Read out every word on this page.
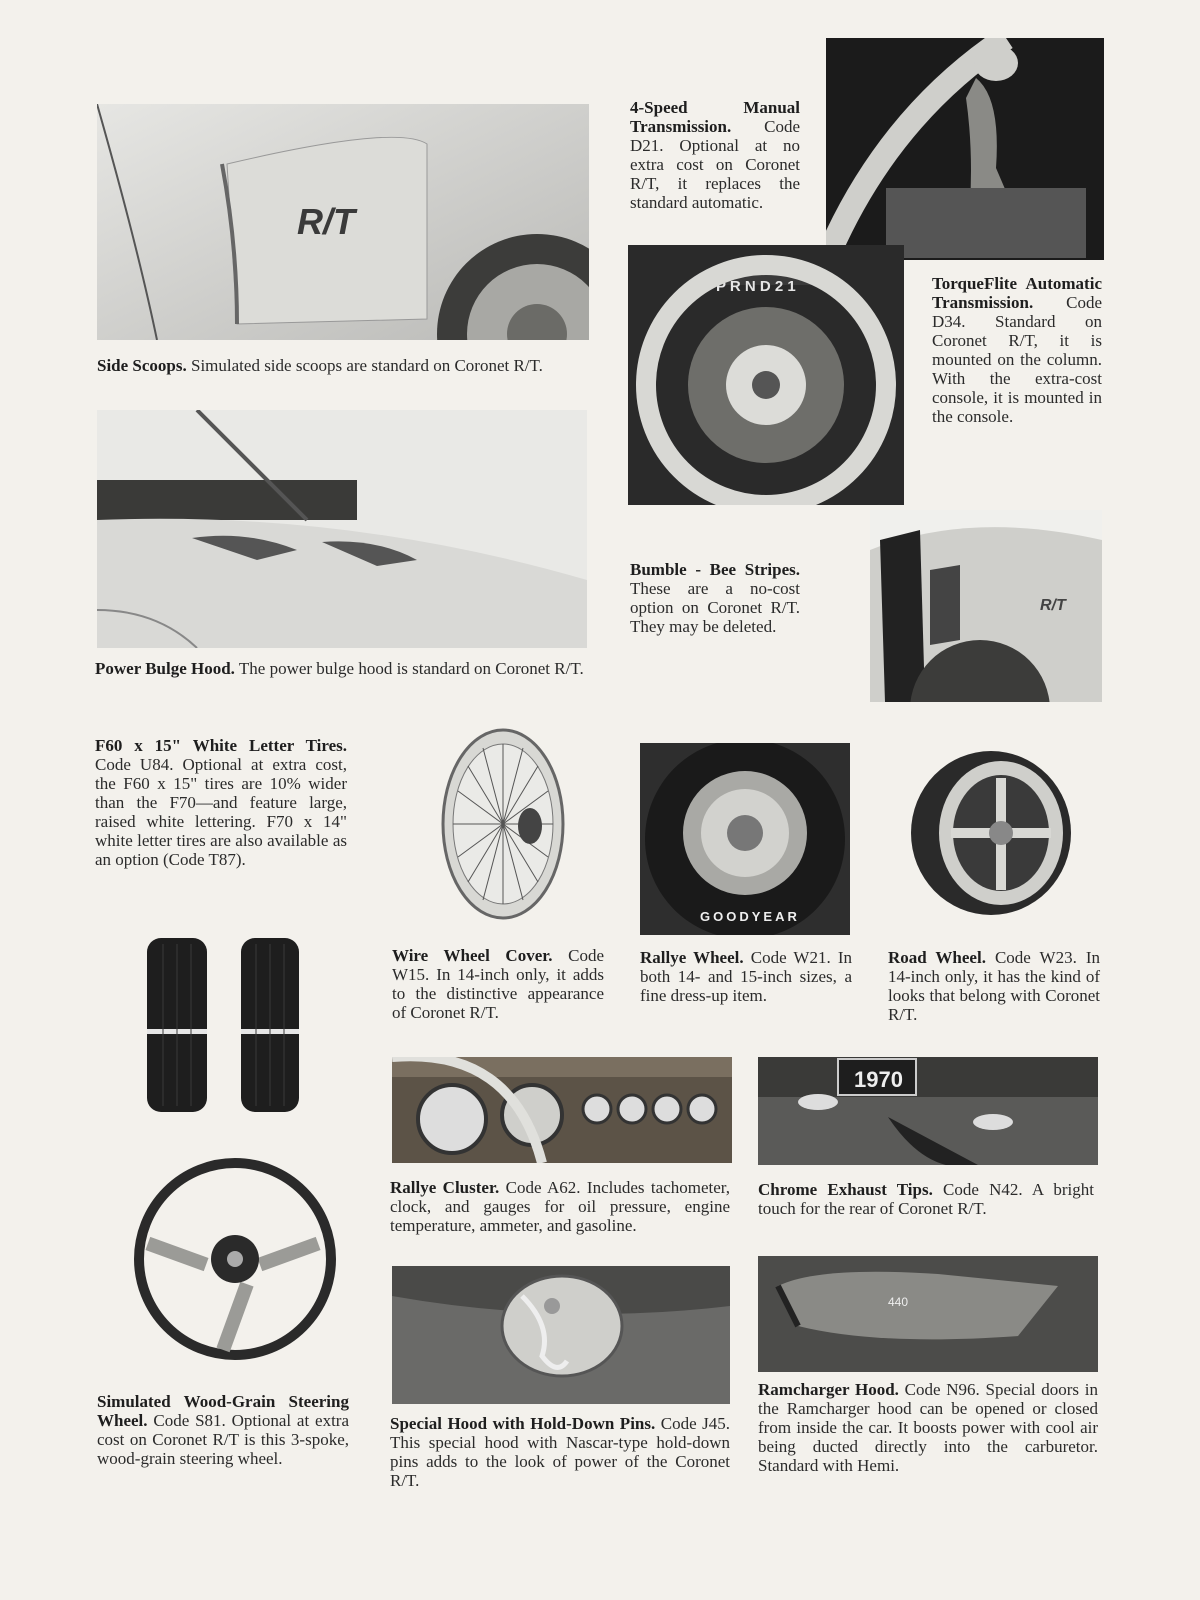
R/T
P R N D 2 1
R/T
GOODYEAR
1970
440
Side Scoops. Simulated side scoops are standard on Coronet R/T.
4-Speed Manual Transmission. Code D21. Optional at no extra cost on Coronet R/T, it replaces the standard automatic.
TorqueFlite Automatic Transmission. Code D34. Standard on Coronet R/T, it is mounted on the column. With the extra-cost console, it is mounted in the console.
Power Bulge Hood. The power bulge hood is standard on Coronet R/T.
Bumble - Bee Stripes. These are a no-cost option on Coronet R/T. They may be deleted.
F60 x 15" White Letter Tires. Code U84. Optional at extra cost, the F60 x 15" tires are 10% wider than the F70—and feature large, raised white lettering. F70 x 14" white letter tires are also available as an option (Code T87).
Wire Wheel Cover. Code W15. In 14-inch only, it adds to the distinctive appearance of Coronet R/T.
Rallye Wheel. Code W21. In both 14- and 15-inch sizes, a fine dress-up item.
Road Wheel. Code W23. In 14-inch only, it has the kind of looks that belong with Coronet R/T.
Rallye Cluster. Code A62. Includes tachometer, clock, and gauges for oil pressure, engine temperature, ammeter, and gasoline.
Chrome Exhaust Tips. Code N42. A bright touch for the rear of Coronet R/T.
Simulated Wood-Grain Steering Wheel. Code S81. Optional at extra cost on Coronet R/T is this 3-spoke, wood-grain steering wheel.
Special Hood with Hold-Down Pins. Code J45. This special hood with Nascar-type hold-down pins adds to the look of power of the Coronet R/T.
Ramcharger Hood. Code N96. Special doors in the Ramcharger hood can be opened or closed from inside the car. It boosts power with cool air being ducted directly into the carburetor. Standard with Hemi.
